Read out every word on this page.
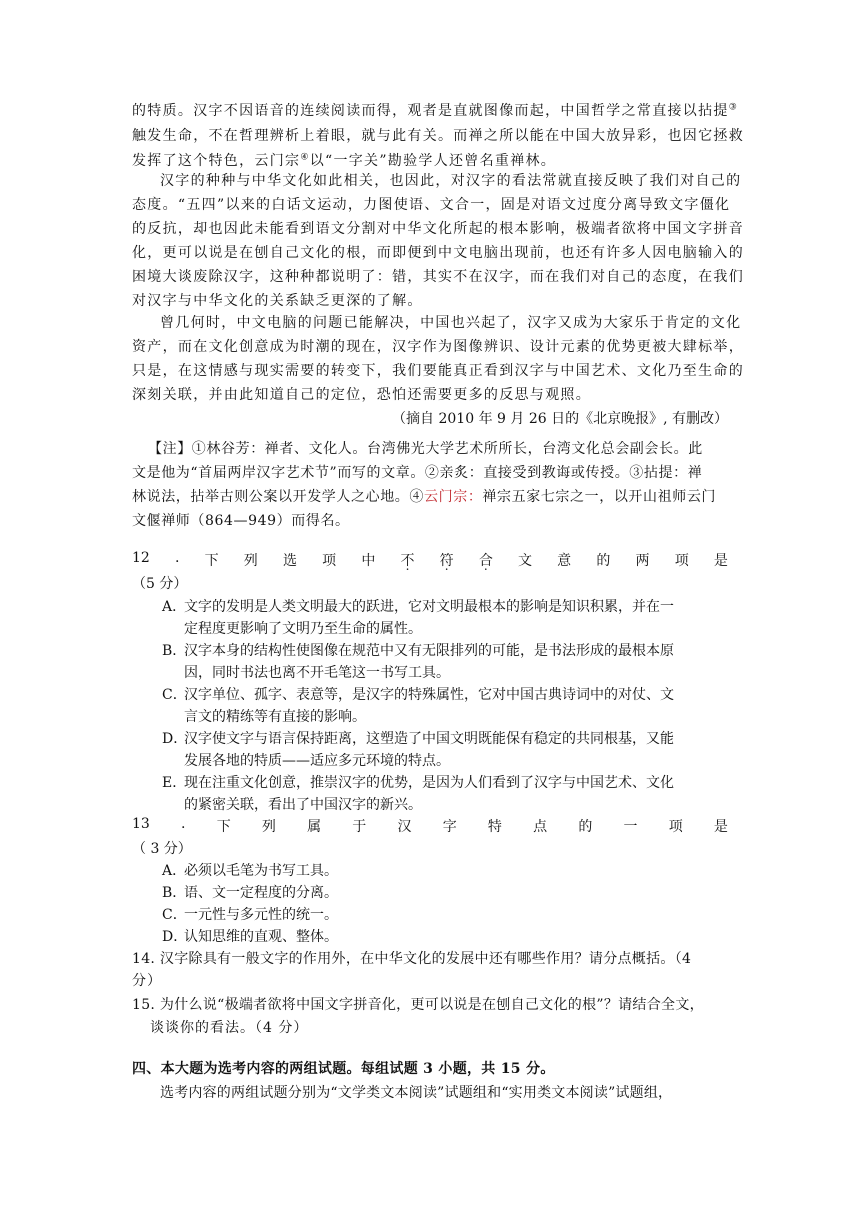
的特质。汉字不因语音的连续阅读而得，观者是直就图像而起，中国哲学之常直接以拈提③
触发生命，不在哲理辨析上着眼，就与此有关。而禅之所以能在中国大放异彩，也因它拯救
发挥了这个特色，云门宗④以“一字关”勘验学人还曾名重禅林。
汉字的种种与中华文化如此相关，也因此，对汉字的看法常就直接反映了我们对自己的
态度。“五四”以来的白话文运动，力图使语、文合一，固是对语文过度分离导致文字僵化
的反抗，却也因此未能看到语文分割对中华文化所起的根本影响，极端者欲将中国文字拼音
化，更可以说是在刨自己文化的根，而即便到中文电脑出现前，也还有许多人因电脑输入的
困境大谈废除汉字，这种种都说明了：错，其实不在汉字，而在我们对自己的态度，在我们
对汉字与中华文化的关系缺乏更深的了解。
曾几何时，中文电脑的问题已能解决，中国也兴起了，汉字又成为大家乐于肯定的文化
资产，而在文化创意成为时潮的现在，汉字作为图像辨识、设计元素的优势更被大肆标举，
只是，在这情感与现实需要的转变下，我们要能真正看到汉字与中国艺术、文化乃至生命的
深刻关联，并由此知道自己的定位，恐怕还需要更多的反思与观照。
（摘自 2010 年 9 月 26 日的《北京晚报》, 有删改）
【注】①林谷芳：禅者、文化人。台湾佛光大学艺术所所长，台湾文化总会副会长。此
文是他为“首届两岸汉字艺术节”而写的文章。②亲炙：直接受到教诲或传授。③拈提：禅
林说法，拈举古则公案以开发学人之心地。④云门宗：禅宗五家七宗之一，以开山祖师云门
文偃禅师（864—949）而得名。
12 . 下 列 选 项 中 不 . 符 . 合 . 文 意 的 两 项 是
（5 分）
A．文字的发明是人类文明最大的跃进，它对文明最根本的影响是知识积累，并在一
定程度更影响了文明乃至生命的属性。
B．汉字本身的结构性使图像在规范中又有无限排列的可能，是书法形成的最根本原
因，同时书法也离不开毛笔这一书写工具。
C．汉字单位、孤字、表意等，是汉字的特殊属性，它对中国古典诗词中的对仗、文
言文的精练等有直接的影响。
D．汉字使文字与语言保持距离，这塑造了中国文明既能保有稳定的共同根基，又能
发展各地的特质——适应多元环境的特点。
E．现在注重文化创意，推崇汉字的优势，是因为人们看到了汉字与中国艺术、文化
的紧密关联，看出了中国汉字的新兴。
13 . 下 列 属 于 汉 字 特 点 的 一 项 是
（ 3 分）
A．必须以毛笔为书写工具。
B．语、文一定程度的分离。
C．一元性与多元性的统一。
D．认知思维的直观、整体。
14. 汉字除具有一般文字的作用外，在中华文化的发展中还有哪些作用？请分点概括。（4
分）
15. 为什么说“极端者欲将中国文字拼音化，更可以说是在刨自己文化的根”？请结合全文，
谈谈你的看法。（4 分）
四、本大题为选考内容的两组试题。每组试题 3 小题，共 15 分。
选考内容的两组试题分别为“文学类文本阅读”试题组和“实用类文本阅读”试题组，
